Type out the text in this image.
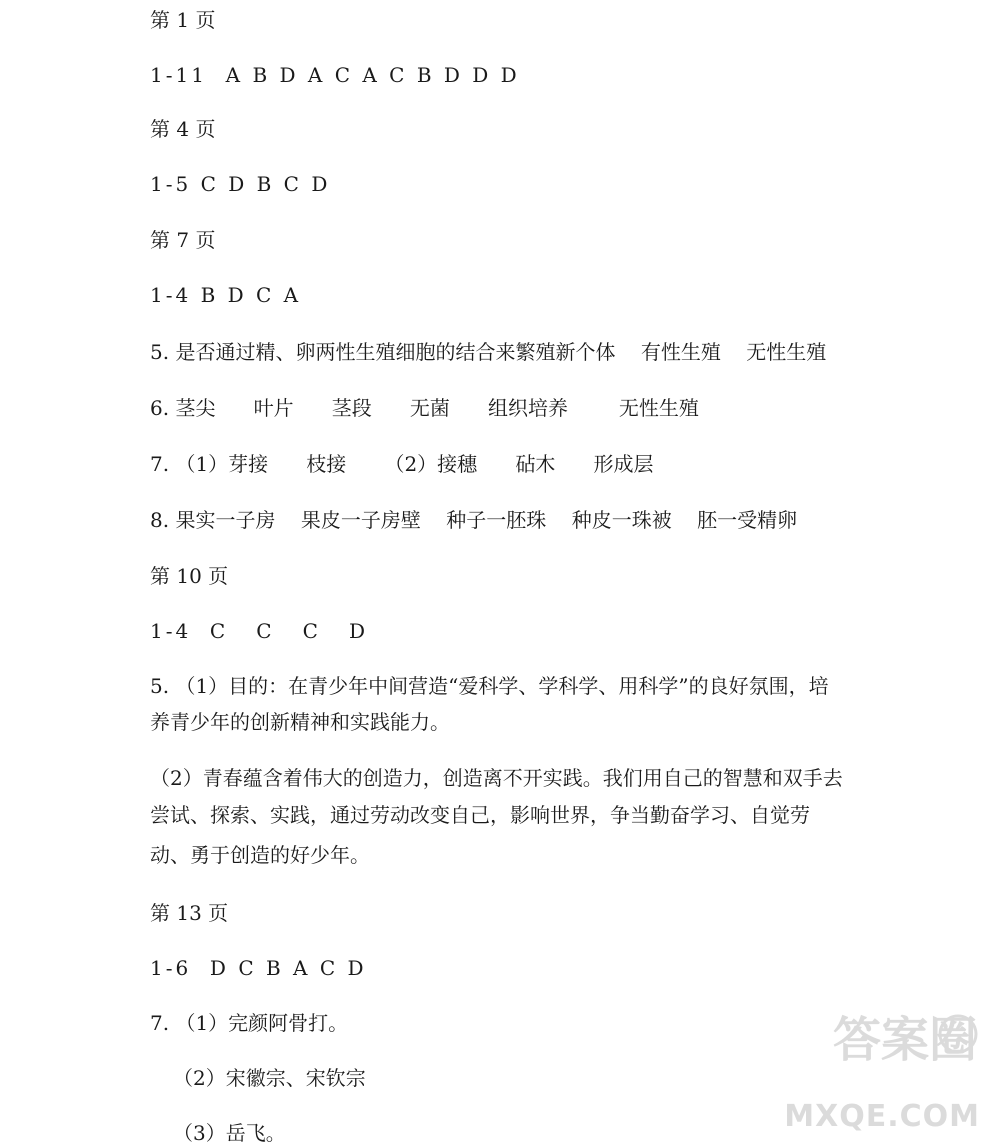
第 1 页

1-11  A B D A C A C B D D D

第 4 页

1-5 C D B C D

第 7 页

1-4 B D C A

5. 是否通过精、卵两性生殖细胞的结合来繁殖新个体    有性生殖    无性生殖

6. 茎尖      叶片      茎段      无菌      组织培养        无性生殖

7. （1）芽接      枝接      （2）接穗      砧木      形成层

8. 果实一子房    果皮一子房壁    种子一胚珠    种皮一珠被    胚一受精卵

第 10 页

1-4  C   C   C   D

5. （1）目的：在青少年中间营造“爱科学、学科学、用科学”的良好氛围，培

养青少年的创新精神和实践能力。

（2）青春蕴含着伟大的创造力，创造离不开实践。我们用自己的智慧和双手去

尝试、探索、实践，通过劳动改变自己，影响世界，争当勤奋学习、自觉劳

动、勇于创造的好少年。

第 13 页

1-6  D C B A C D

7. （1）完颜阿骨打。

（2）宋徽宗、宋钦宗

（3）岳飞。

答案圈
MXQE.COM
